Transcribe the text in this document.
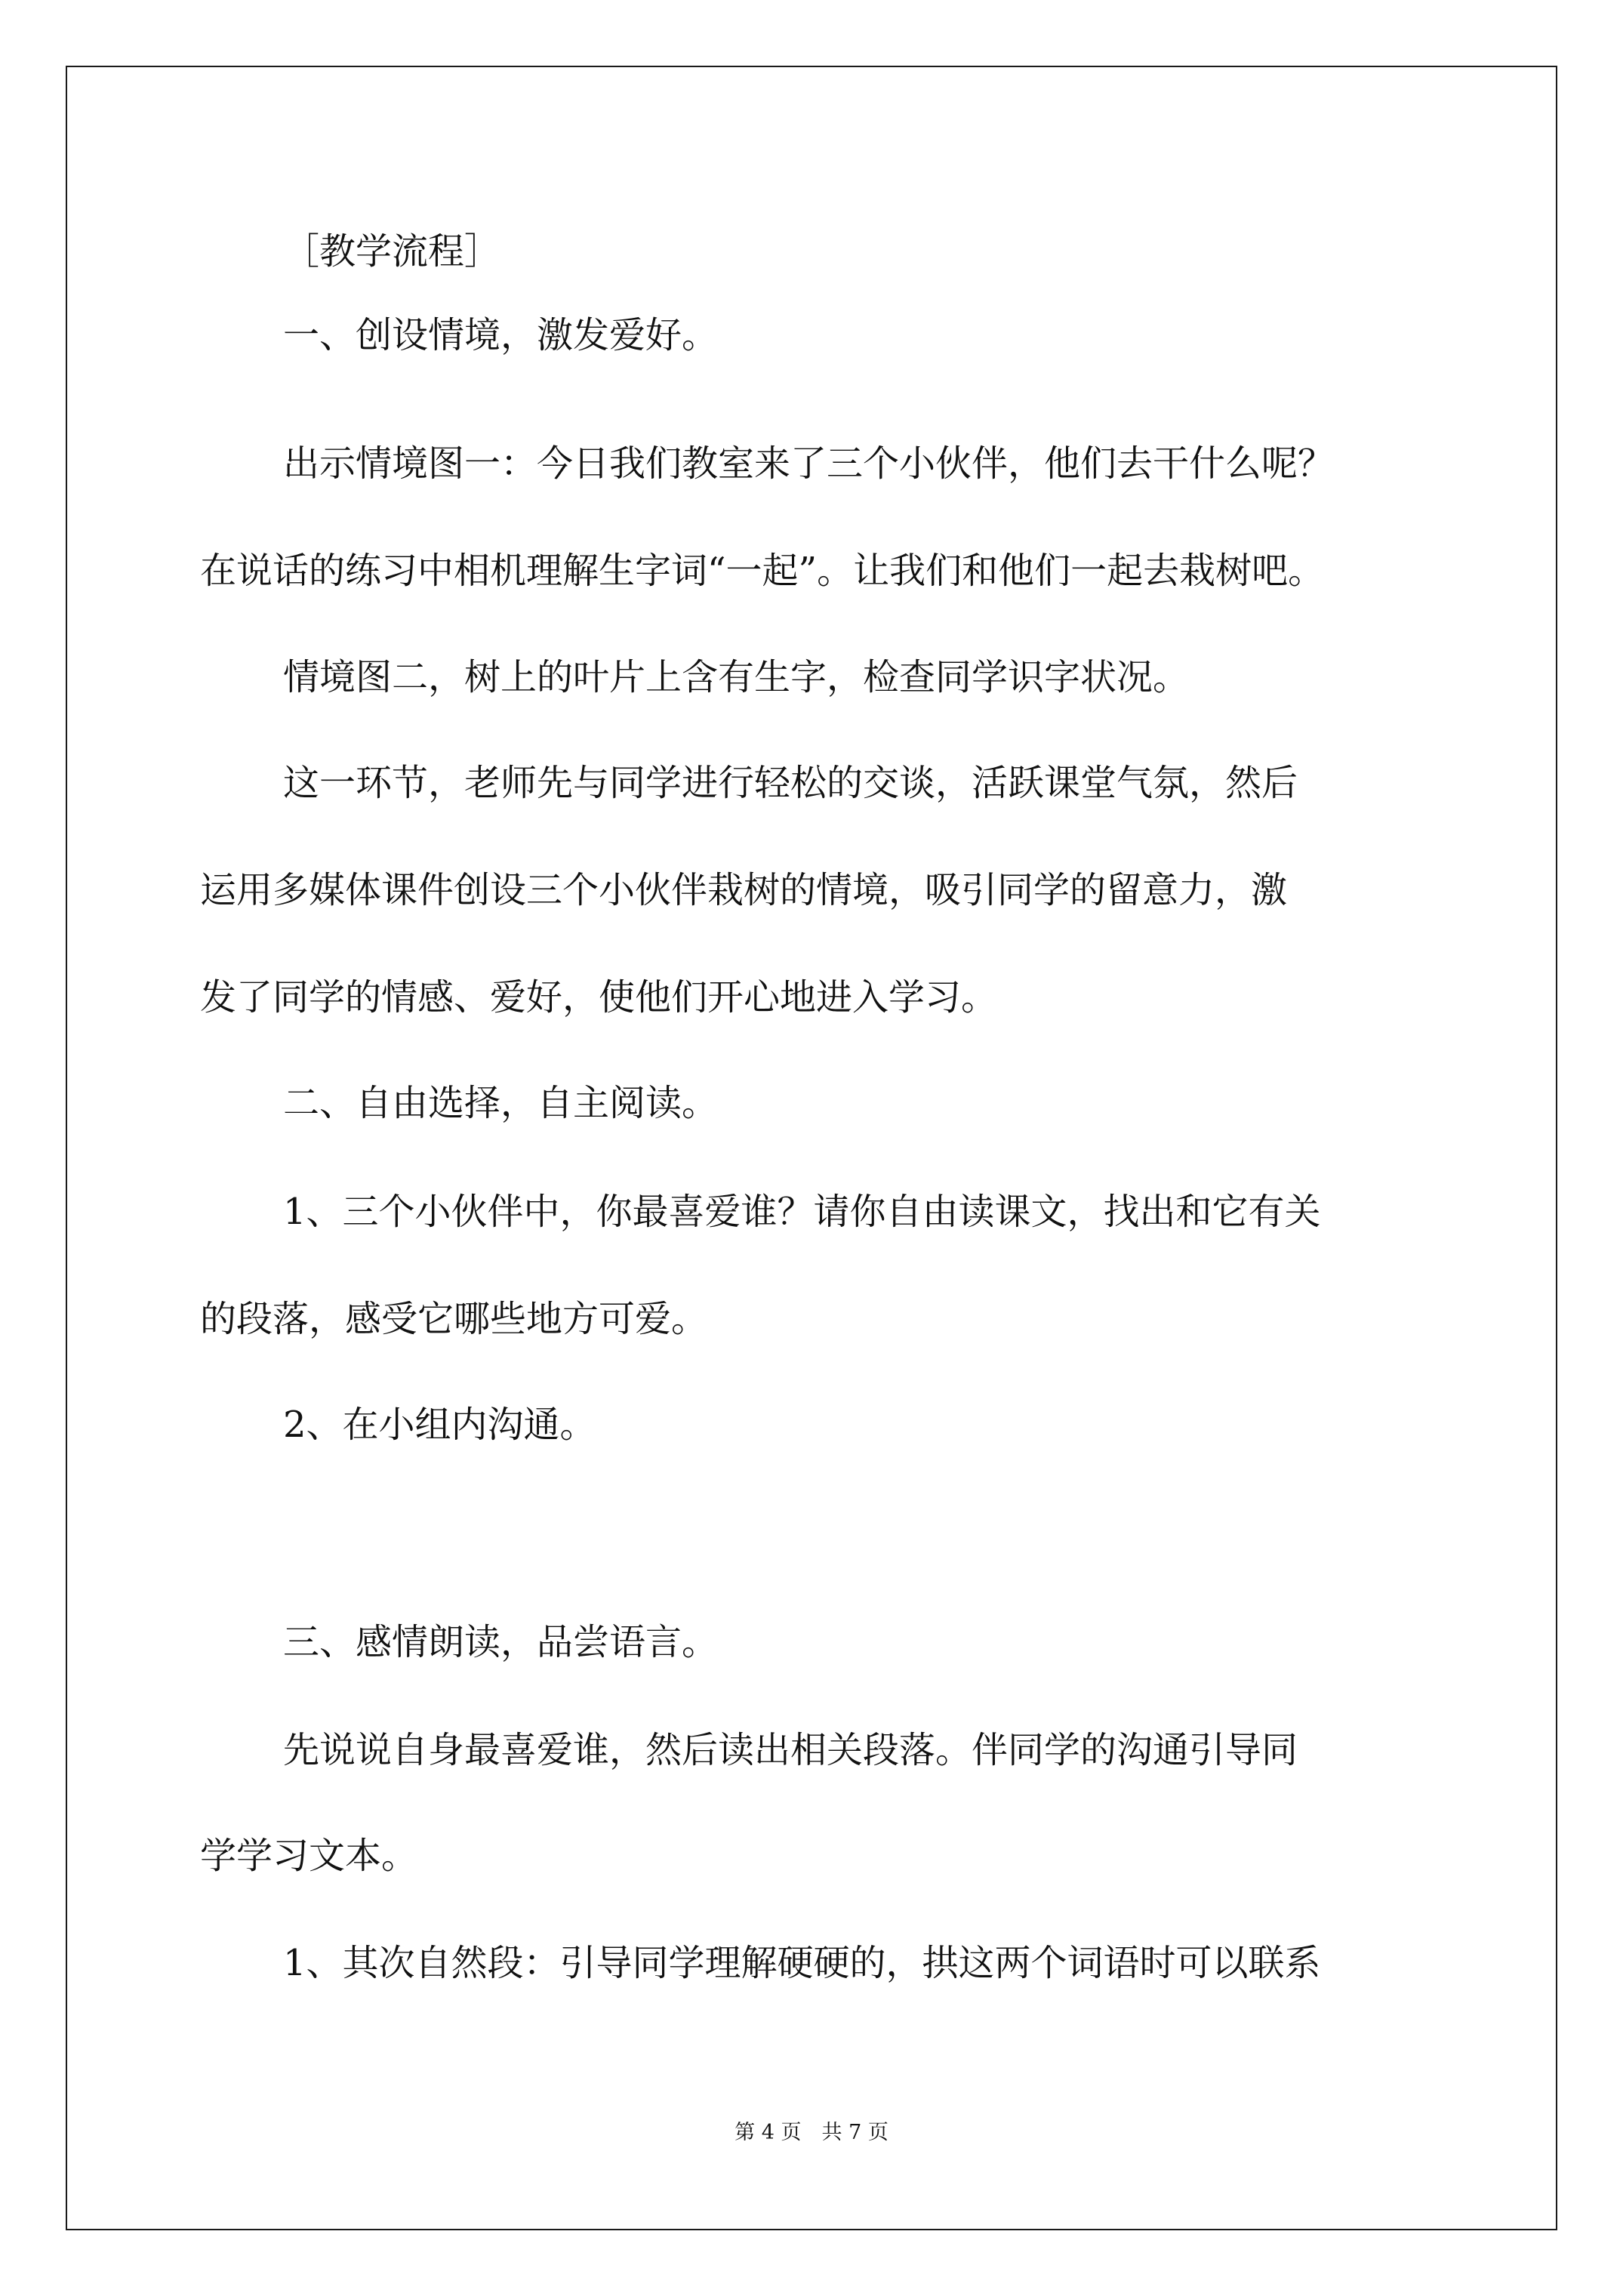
［教学流程］
一、创设情境，激发爱好。
出示情境图一：今日我们教室来了三个小伙伴，他们去干什么呢？
在说话的练习中相机理解生字词“一起”。让我们和他们一起去栽树吧。
情境图二，树上的叶片上含有生字，检查同学识字状况。
这一环节，老师先与同学进行轻松的交谈，活跃课堂气氛，然后
运用多媒体课件创设三个小伙伴栽树的情境，吸引同学的留意力，激
发了同学的情感、爱好，使他们开心地进入学习。
二、自由选择，自主阅读。
1、三个小伙伴中，你最喜爱谁？请你自由读课文，找出和它有关
的段落，感受它哪些地方可爱。
2、在小组内沟通。
三、感情朗读，品尝语言。
先说说自身最喜爱谁，然后读出相关段落。伴同学的沟通引导同
学学习文本。
1、其次自然段：引导同学理解硬硬的，拱这两个词语时可以联系
第 4 页　共 7 页
